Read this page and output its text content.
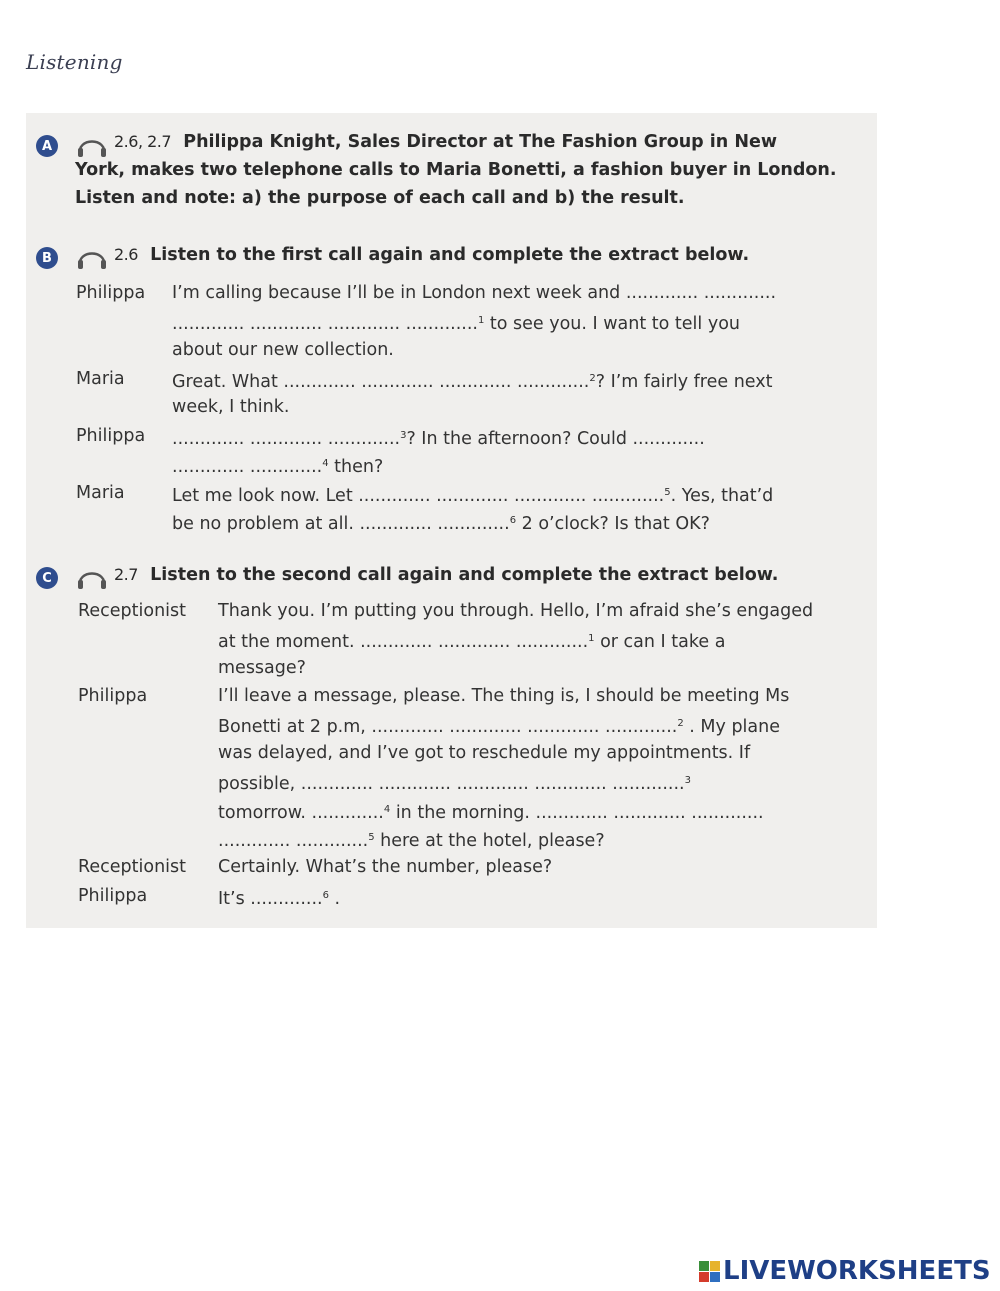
Listening
A	2.6, 2.7 Philippa Knight, Sales Director at The Fashion Group in New
York, makes two telephone calls to Maria Bonetti, a fashion buyer in London.
Listen and note: a) the purpose of each call and b) the result.
B	2.6 Listen to the first call again and complete the extract below.
Philippa I’m calling because I’ll be in London next week and ............. .............
............. ............. ............. .............$^1$ to see you. I want to tell you
about our new collection.
Maria	Great. What ............. ............. ............. .............$^2$? I’m fairly free next
week, I think.
Philippa ............. ............. .............$^3$? In the afternoon? Could .............
............. .............$^4$ then?
Maria	Let me look now. Let ............. ............. ............. .............$^5$. Yes, that’d
be no problem at all. ............. .............$^6$ 2 o’clock? Is that OK?
C	2.7 Listen to the second call again and complete the extract below.
Receptionist Thank you. I’m putting you through. Hello, I’m afraid she’s engaged
at the moment. ............. ............. .............$^1$ or can I take a
message?
Philippa	I’ll leave a message, please. The thing is, I should be meeting Ms
Bonetti at 2 p.m, ............. ............. ............. .............$^2$ . My plane
was delayed, and I’ve got to reschedule my appointments. If
possible, ............. ............. ............. ............. .............$^3$
tomorrow. .............$^4$ in the morning. ............. ............. .............
............. .............$^5$ here at the hotel, please?
Receptionist Certainly. What’s the number, please?
Philippa	It’s .............$^6$ .
LIVEWORKSHEETS
